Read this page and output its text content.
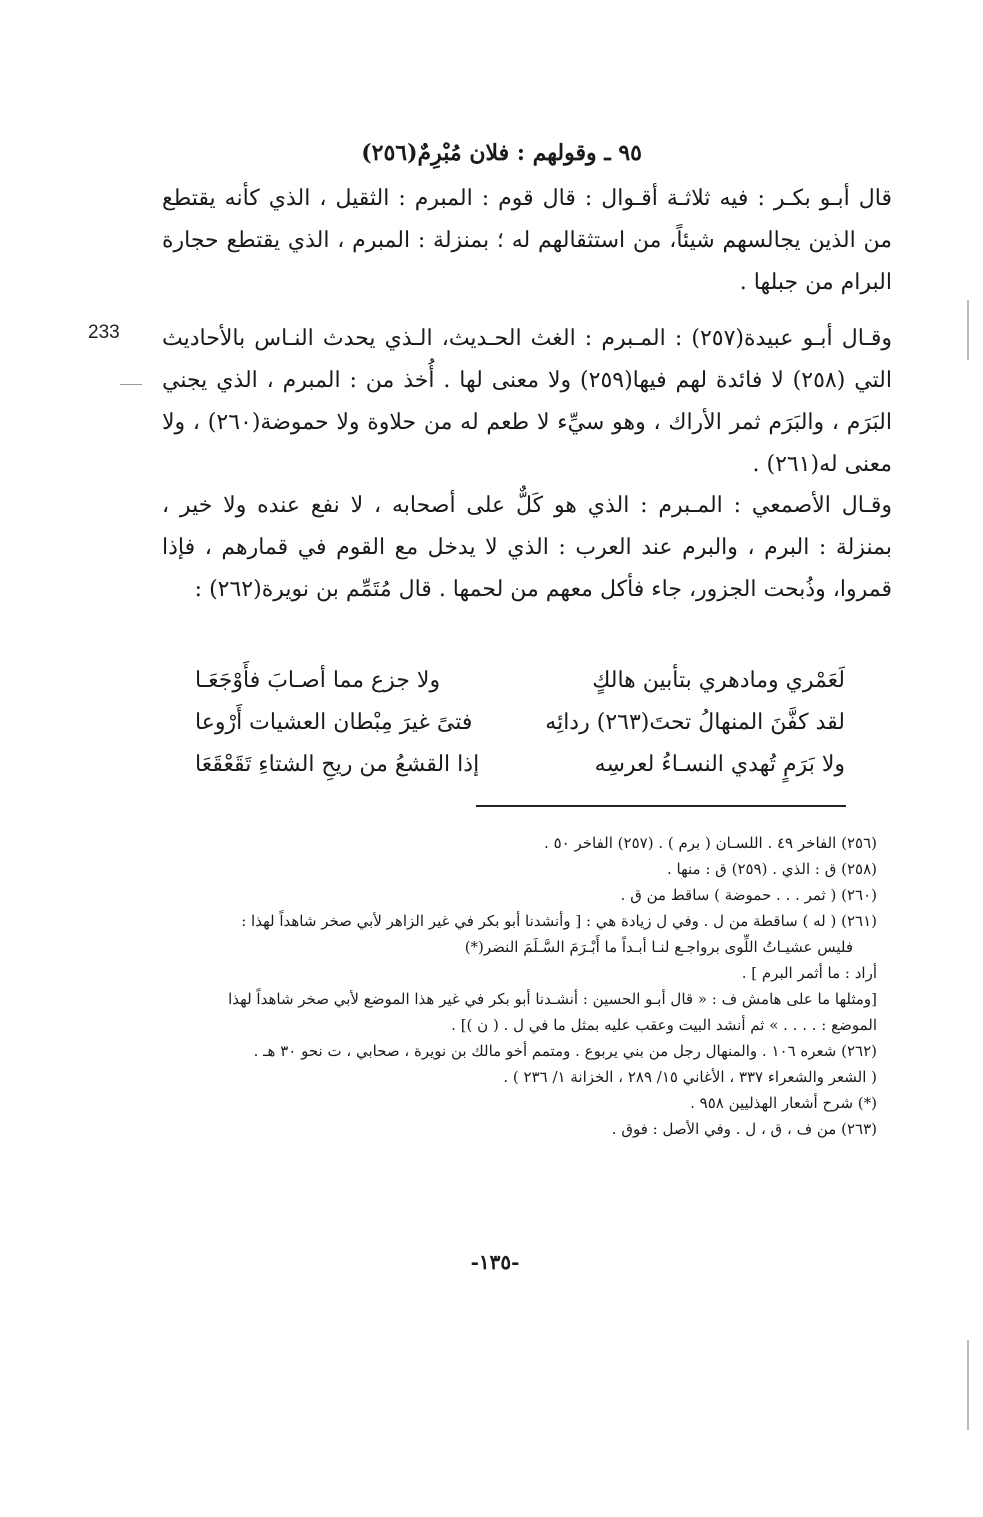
233
٩٥ ـ وقولهم : فلان مُبْرِمٌ(٢٥٦)

قال أبـو بكـر : فيه ثلاثـة أقـوال : قال قوم : المبرم : الثقيل ، الذي كأنه يقتطع من الذين يجالسهم شيئاً، من استثقالهم له ؛ بمنزلة : المبرم ، الذي يقتطع حجارة البرام من جبلها .

وقـال أبـو عبيدة(٢٥٧) : المـبرم : الغث الحـديث، الـذي يحدث النـاس بالأحاديث التي (٢٥٨) لا فائدة لهم فيها(٢٥٩) ولا معنى لها . أُخذ من : المبرم ، الذي يجني البَرَم ، والبَرَم ثمر الأراك ، وهو سيِّء لا طعم له من حلاوة ولا حموضة(٢٦٠) ، ولا معنى له(٢٦١) .

وقـال الأصمعي : المـبرم : الذي هو كَلٌّ على أصحابه ، لا نفع عنده ولا خير ، بمنزلة : البرم ، والبرم عند العرب : الذي لا يدخل مع القوم في قمارهم ، فإذا قمروا، وذُبحت الجزور، جاء فأكل معهم من لحمها . قال مُتَمِّم بن نويرة(٢٦٢) :

لَعَمْري ومادهري بتأبين هالكٍ
ولا جزع مما أصـابَ فأَوْجَعَـا
لقد كفَّنَ المنهالُ تحتَ(٢٦٣) ردائِه
فتىً غيرَ مِبْطان العشيات أَرْوعا
ولا بَرَمٍ تُهدي النسـاءُ لعرسِه
إذا القشعُ من ريحِ الشتاءِ تَقَعْقَعَا
(٢٥٦) الفاخر ٤٩ . اللسـان ( برم ) . (٢٥٧) الفاخر ٥٠ .
(٢٥٨) ق : الذي . (٢٥٩) ق : منها .
(٢٦٠) ( ثمر . . . حموضة ) ساقط من ق .
(٢٦١) ( له ) ساقطة من ل . وفي ل زيادة هي : [ وأنشدنا أبو بكر في غير الزاهر لأبي صخر شاهداً لهذا :
فليس عشيـاتُ اللِّوى برواجـع لنـا أبـداً ما أَبْـرَمَ السَّـلَمَ النضر(*)
أراد : ما أثمر البرم ] .
[ومثلها ما على هامش ف : « قال أبـو الحسين : أنشـدنا أبو بكر في غير هذا الموضع لأبي صخر شاهداً لهذا
الموضع : . . . . » ثم أنشد البيت وعقب عليه بمثل ما في ل . ( ن )] .
(٢٦٢) شعره ١٠٦ . والمنهال رجل من بني يربوع . ومتمم أخو مالك بن نويرة ، صحابي ، ت نحو ٣٠ هـ .
( الشعر والشعراء ٣٣٧ ، الأغاني ١٥/ ٢٨٩ ، الخزانة ١/ ٢٣٦ ) .
(*) شرح أشعار الهذليين ٩٥٨ .
(٢٦٣) من ف ، ق ، ل . وفي الأصل : فوق .
-١٣٥-
